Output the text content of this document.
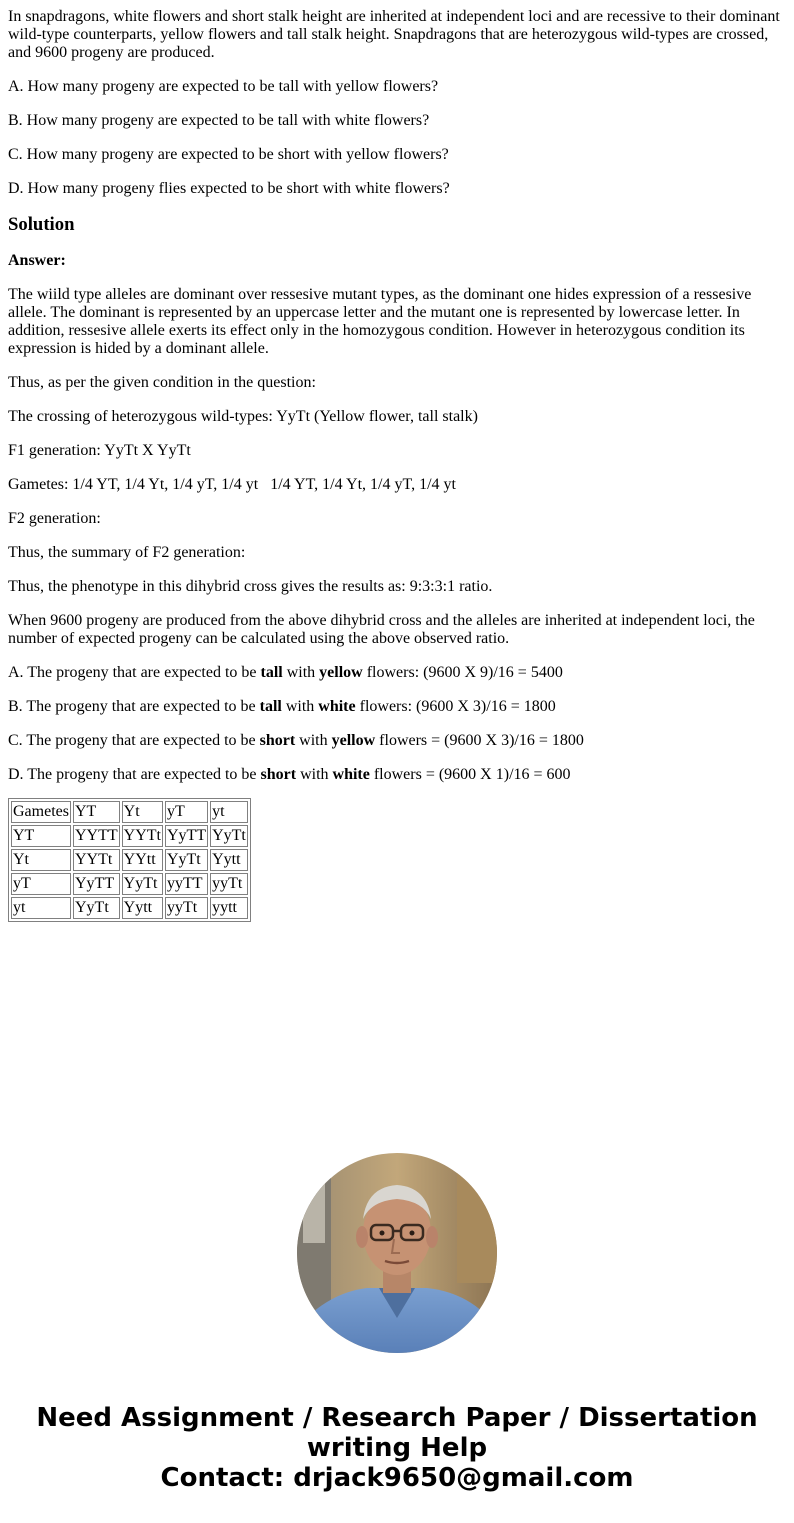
In snapdragons, white flowers and short stalk height are inherited at independent loci and are recessive to their dominant wild-type counterparts, yellow flowers and tall stalk height. Snapdragons that are heterozygous wild-types are crossed, and 9600 progeny are produced.

A. How many progeny are expected to be tall with yellow flowers?

B. How many progeny are expected to be tall with white flowers?

C. How many progeny are expected to be short with yellow flowers?

D. How many progeny flies expected to be short with white flowers?

Solution

Answer:

The wiild type alleles are dominant over ressesive mutant types, as the dominant one hides expression of a ressesive allele. The dominant is represented by an uppercase letter and the mutant one is represented by lowercase letter. In addition, ressesive allele exerts its effect only in the homozygous condition. However in heterozygous condition its expression is hided by a dominant allele.

Thus, as per the given condition in the question:

The crossing of heterozygous wild-types: YyTt (Yellow flower, tall stalk)

F1 generation: YyTt X YyTt

Gametes: 1/4 YT, 1/4 Yt, 1/4 yT, 1/4 yt   1/4 YT, 1/4 Yt, 1/4 yT, 1/4 yt

F2 generation:

Thus, the summary of F2 generation:

Thus, the phenotype in this dihybrid cross gives the results as: 9:3:3:1 ratio.

When 9600 progeny are produced from the above dihybrid cross and the alleles are inherited at independent loci, the number of expected progeny can be calculated using the above observed ratio.

A. The progeny that are expected to be tall with yellow flowers: (9600 X 9)/16 = 5400

B. The progeny that are expected to be tall with white flowers: (9600 X 3)/16 = 1800

C. The progeny that are expected to be short with yellow flowers = (9600 X 3)/16 = 1800

D. The progeny that are expected to be short with white flowers = (9600 X 1)/16 = 600

Gametes	YT	Yt	yT	yt
YT	YYTT	YYTt	YyTT	YyTt
Yt	YYTt	YYtt	YyTt	Yytt
yT	YyTT	YyTt	yyTT	yyTt
yt	YyTt	Yytt	yyTt	yytt
Need Assignment / Research Paper / Dissertation
writing Help
Contact: drjack9650@gmail.com
